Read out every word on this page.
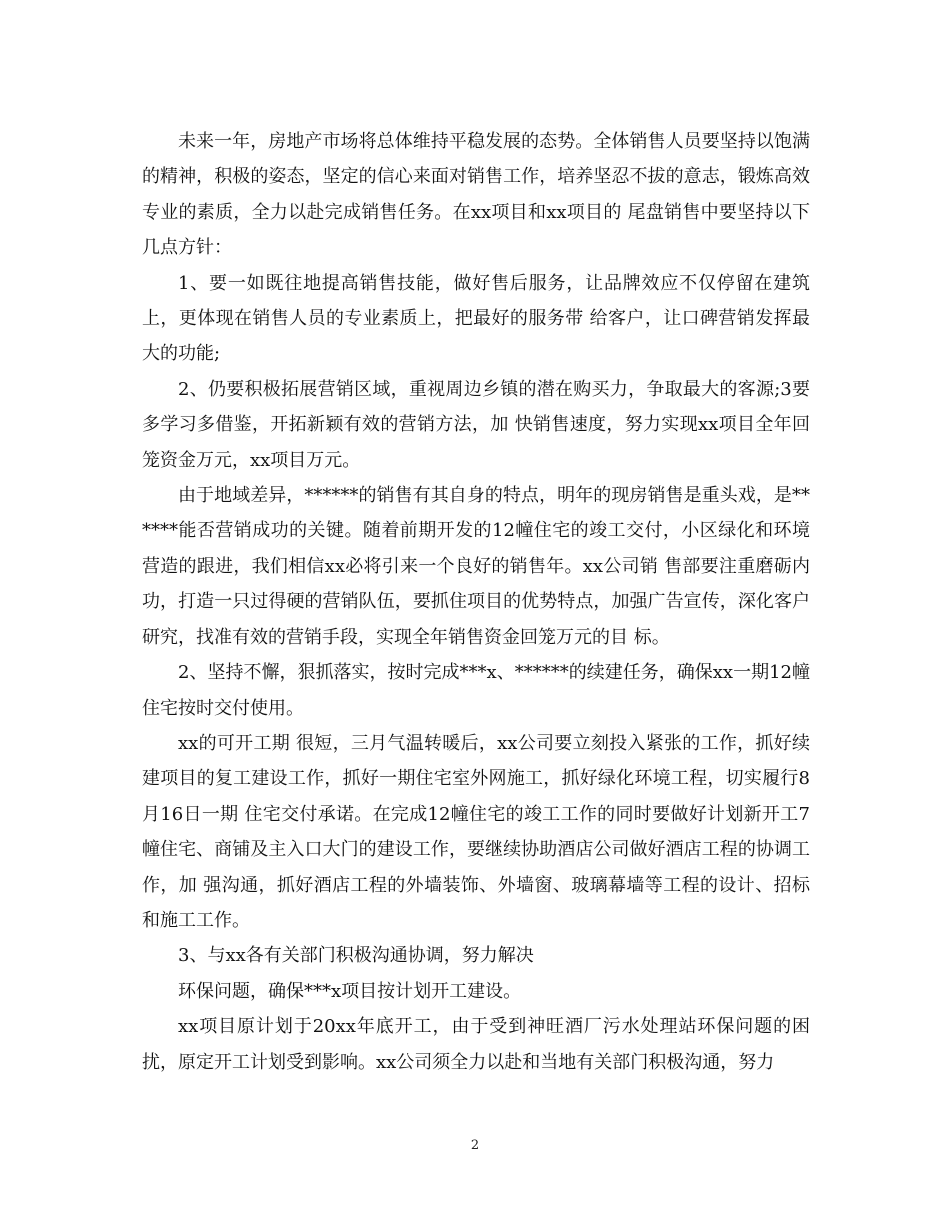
未来一年，房地产市场将总体维持平稳发展的态势。全体销售人员要坚持以饱满的精神，积极的姿态，坚定的信心来面对销售工作，培养坚忍不拔的意志，锻炼高效专业的素质，全力以赴完成销售任务。在xx项目和xx项目的 尾盘销售中要坚持以下几点方针：

1、要一如既往地提高销售技能，做好售后服务，让品牌效应不仅停留在建筑上，更体现在销售人员的专业素质上，把最好的服务带 给客户，让口碑营销发挥最大的功能;

2、仍要积极拓展营销区域，重视周边乡镇的潜在购买力，争取最大的客源;3要多学习多借鉴，开拓新颖有效的营销方法，加 快销售速度，努力实现xx项目全年回笼资金万元，xx项目万元。

由于地域差异，******的销售有其自身的特点，明年的现房销售是重头戏，是******能否营销成功的关键。随着前期开发的12幢住宅的竣工交付，小区绿化和环境营造的跟进，我们相信xx必将引来一个良好的销售年。xx公司销 售部要注重磨砺内功，打造一只过得硬的营销队伍，要抓住项目的优势特点，加强广告宣传，深化客户研究，找准有效的营销手段，实现全年销售资金回笼万元的目 标。

2、坚持不懈，狠抓落实，按时完成***x、******的续建任务，确保xx一期12幢住宅按时交付使用。

xx的可开工期 很短，三月气温转暖后，xx公司要立刻投入紧张的工作，抓好续建项目的复工建设工作，抓好一期住宅室外网施工，抓好绿化环境工程，切实履行8月16日一期 住宅交付承诺。在完成12幢住宅的竣工工作的同时要做好计划新开工7幢住宅、商铺及主入口大门的建设工作，要继续协助酒店公司做好酒店工程的协调工作，加 强沟通，抓好酒店工程的外墙装饰、外墙窗、玻璃幕墙等工程的设计、招标和施工工作。

3、与xx各有关部门积极沟通协调，努力解决

环保问题，确保***x项目按计划开工建设。

xx项目原计划于20xx年底开工，由于受到神旺酒厂污水处理站环保问题的困扰，原定开工计划受到影响。xx公司须全力以赴和当地有关部门积极沟通，努力

2
